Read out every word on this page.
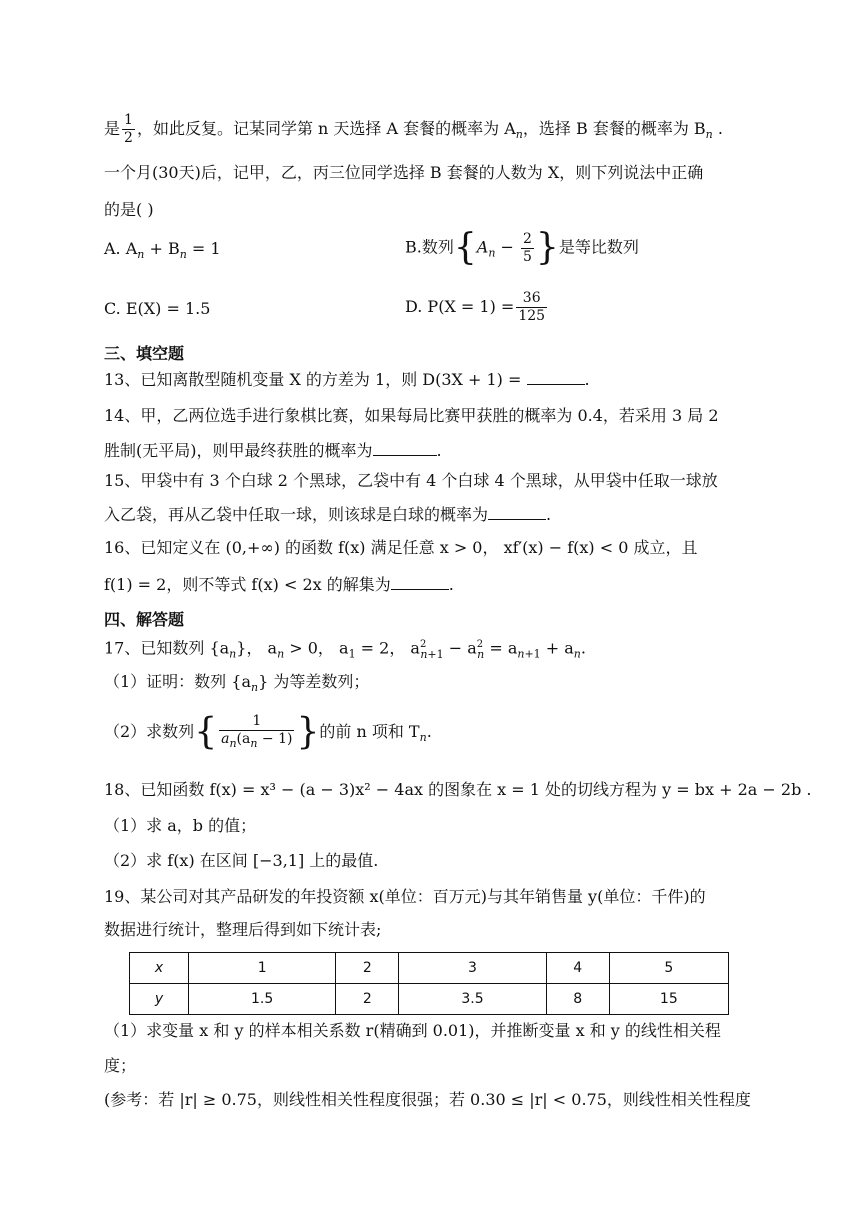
是 $\frac{1}{2}$ ，如此反复。记某同学第 n 天选择 A 套餐的概率为 $A_n$，选择 B 套餐的概率为 $B_n$ .
一个月(30天)后，记甲，乙，丙三位同学选择 B 套餐的人数为 X，则下列说法中正确
的是( )
A. $A_n + B_n = 1$	B.数列{$A_n - \frac{2}{5}$ }是等比数列
C. E(X) = 1.5	D. $P(X = 1) = \frac{36}{125}$
三、填空题
13、已知离散型随机变量 X 的方差为 1，则 D(3X + 1) =	.
14、甲，乙两位选手进行象棋比赛，如果每局比赛甲获胜的概率为 0.4，若采用 3 局 2
胜制(无平局)，则甲最终获胜的概率为	.
15、甲袋中有 3 个白球 2 个黑球，乙袋中有 4 个白球 4 个黑球，从甲袋中任取一球放
入乙袋，再从乙袋中任取一球，则该球是白球的概率为	.
16、已知定义在 (0,+∞) 的函数 f(x) 满足任意 x > 0， xf′(x) − f(x) < 0 成立，且
f(1) = 2，则不等式 f(x) < 2x 的解集为	.
四、解答题
17、已知数列 $\{a_n\}$， $a_n > 0$， $a_1 = 2$， $a^2_{n+1} - a^2_n = a_{n+1} + a_n$.
（1）证明：数列 $\{a_n\}$ 为等差数列；
（2）求数列{ $\frac{1}{a_n(a_n - 1)}$ }的前 n 项和 $T_n$.
18、已知函数 f(x) = x³ − (a − 3)x² − 4ax 的图象在 x = 1 处的切线方程为 y = bx + 2a − 2b .
（1）求 a，b 的值；
（2）求 f(x) 在区间 [−3,1] 上的最值.
19、某公司对其产品研发的年投资额 x(单位：百万元)与其年销售量 y(单位：千件)的
数据进行统计，整理后得到如下统计表;
x	1	2	3	4	5
y	1.5	2	3.5	8	15
（1）求变量 x 和 y 的样本相关系数 r(精确到 0.01)，并推断变量 x 和 y 的线性相关程
度；
(参考：若 |r| ≥ 0.75，则线性相关性程度很强；若 0.30 ≤ |r| < 0.75，则线性相关性程度
